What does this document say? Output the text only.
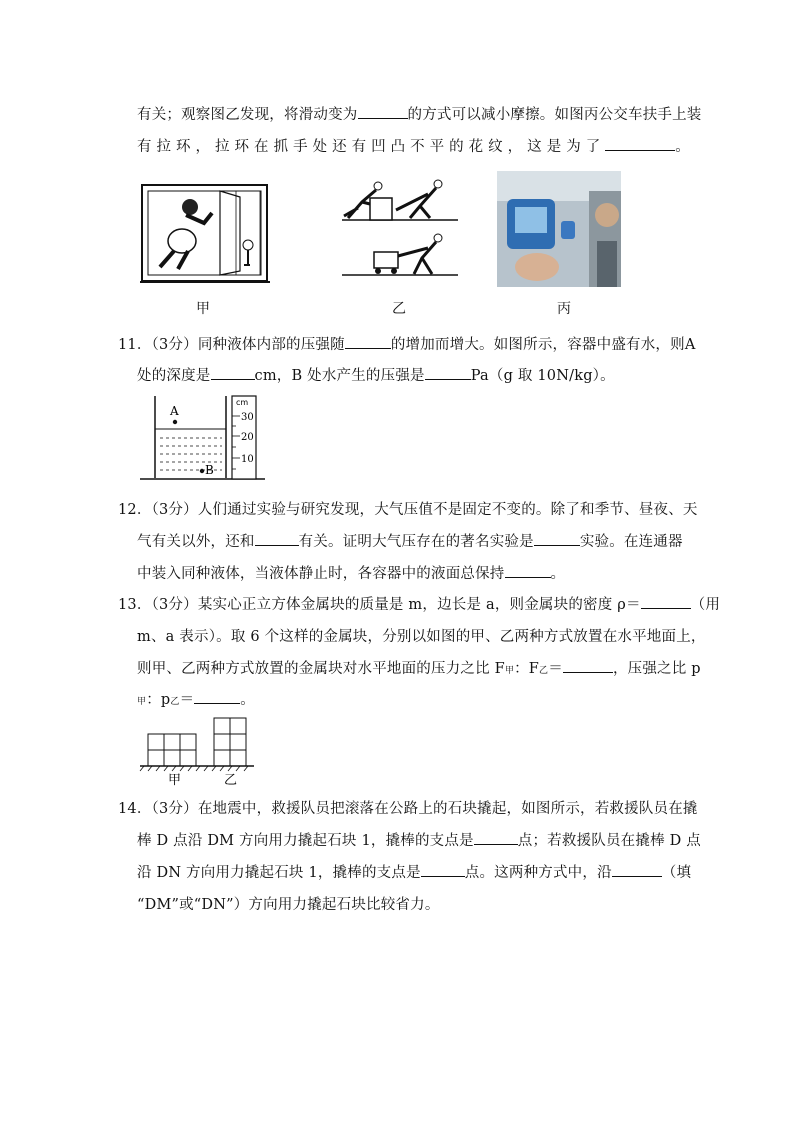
有关；观察图乙发现，将滑动变为	的方式可以减小摩擦。如图丙公交车扶手上装
有 拉 环 ， 拉 环 在 抓 手 处 还 有 凹 凸 不 平 的 花 纹 ， 这 是 为 了	。
甲	乙	丙
11．（3分）同种液体内部的压强随	的增加而增大。如图所示，容器中盛有水，则A
处的深度是	cm，B 处水产生的压强是	Pa（g 取 10N/kg）。
A
B
cm
30
20
10
12．（3分）人们通过实验与研究发现，大气压值不是固定不变的。除了和季节、昼夜、天
气有关以外，还和	有关。证明大气压存在的著名实验是	实验。在连通器
中装入同种液体，当液体静止时，各容器中的液面总保持	。
13．（3分）某实心正立方体金属块的质量是 m，边长是 a，则金属块的密度 ρ＝	（用
m、a 表示）。取 6 个这样的金属块，分别以如图的甲、乙两种方式放置在水平地面上，
则甲、乙两种方式放置的金属块对水平地面的压力之比 F甲：F乙＝	，压强之比 p
甲：p乙＝	。
甲	乙
14．（3分）在地震中，救援队员把滚落在公路上的石块撬起，如图所示，若救援队员在撬
棒 D 点沿 DM 方向用力撬起石块 1，撬棒的支点是	点；若救援队员在撬棒 D 点
沿 DN 方向用力撬起石块 1，撬棒的支点是	点。这两种方式中，沿	（填
“DM”或“DN”）方向用力撬起石块比较省力。
